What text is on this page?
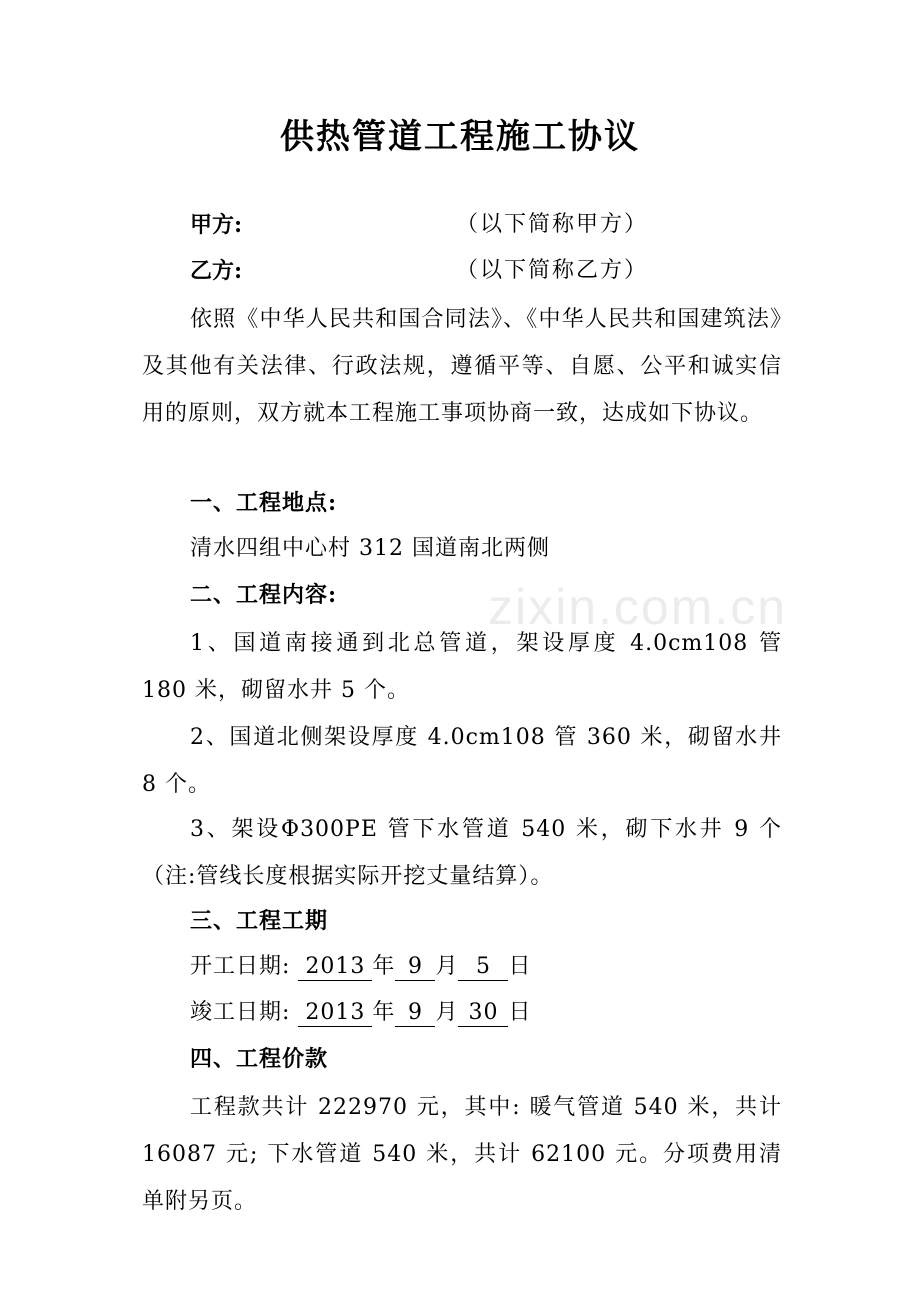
zixin.com.cn
供热管道工程施工协议
甲方:	（以下简称甲方）
乙方:	（以下简称乙方）
依照《中华人民共和国合同法》、《中华人民共和国建筑法》及其他有关法律、行政法规，遵循平等、自愿、公平和诚实信用的原则，双方就本工程施工事项协商一致，达成如下协议。
一、工程地点:
清水四组中心村 312 国道南北两侧
二、工程内容:
1、国道南接通到北总管道，架设厚度 4.0cm108 管 180 米，砌留水井 5 个。
2、国道北侧架设厚度 4.0cm108 管 360 米，砌留水井 8 个。
3、架设Φ300PE 管下水管道 540 米，砌下水井 9 个（注:管线长度根据实际开挖丈量结算）。
三、工程工期
开工日期: 2013 年 9 月 5 日
竣工日期: 2013 年 9 月 30 日
四、工程价款
工程款共计 222970 元，其中: 暖气管道 540 米，共计 16087 元; 下水管道 540 米，共计 62100 元。分项费用清单附另页。
